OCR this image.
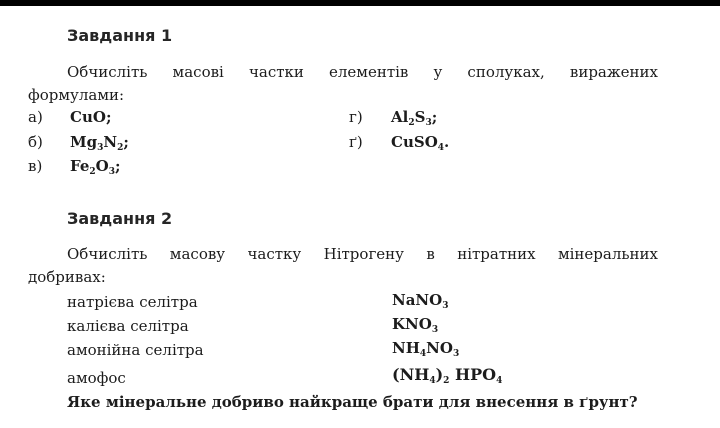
Завдання 1
Обчисліть масові частки елементів у сполуках, виражених
формулами:
а) CuO;
б) $Mg_3N_2$;
в) $Fe_2O_3$;
г) $Al_2S_3$;
ґ) CuSO$_4$.
Завдання 2
Обчисліть масову частку Нітрогену в нітратних мінеральних
добривах:
натрієва селітра	NaNO$_3$
калієва селітра	$KNO_3$
амонійна селітра	$NH_4NO_3$
амофос	$(NH_4)_2$ $HPO_4$
Яке мінеральне добриво найкраще брати для внесення в ґрунт?
